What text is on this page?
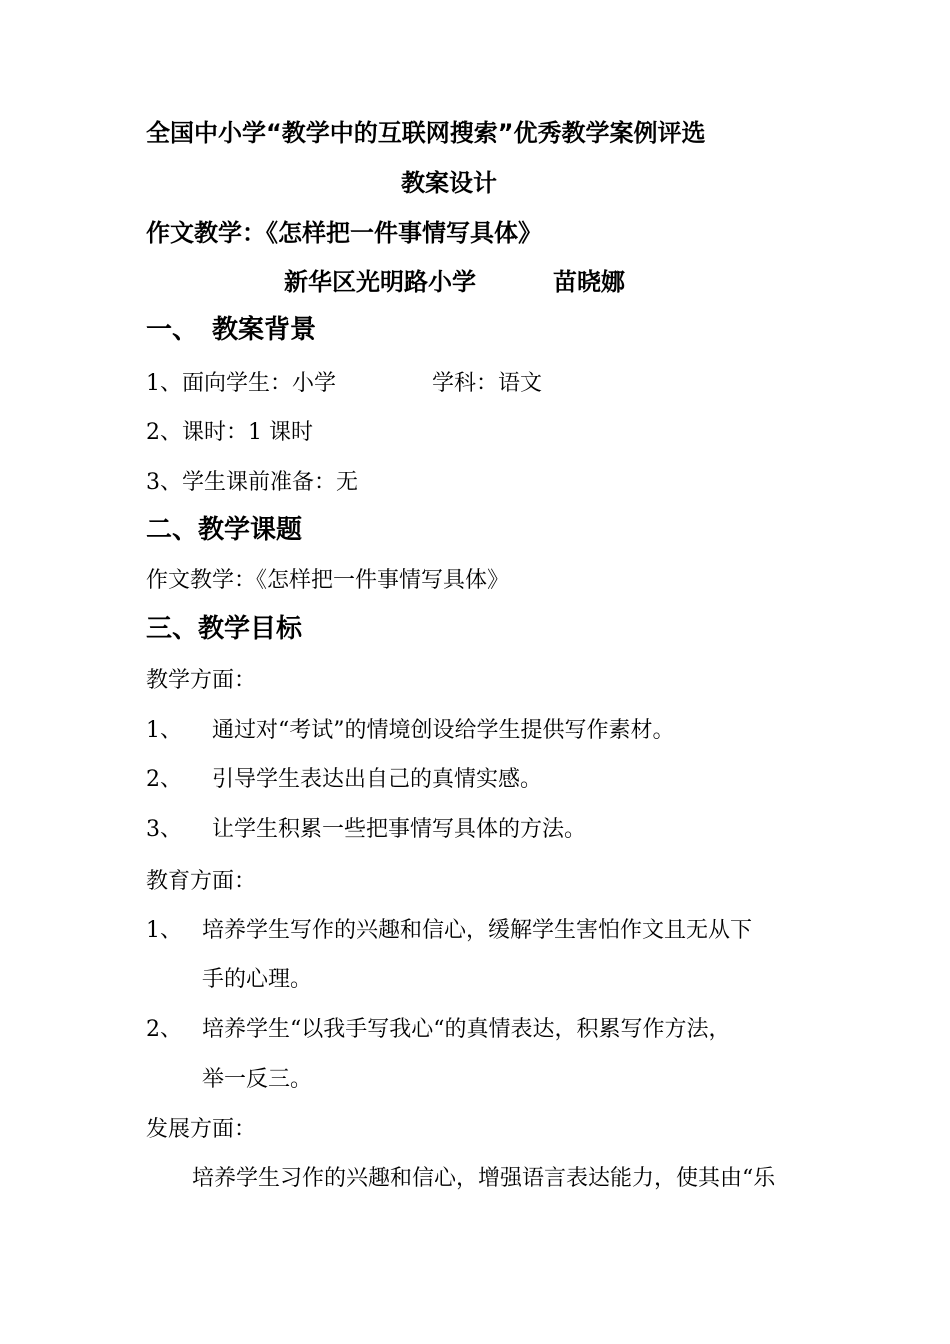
全国中小学“教学中的互联网搜索”优秀教学案例评选
教案设计
作文教学：《怎样把一件事情写具体》
新华区光明路小学	苗晓娜
一、 教案背景
1、面向学生：小学	学科：语文
2、课时：1 课时
3、学生课前准备：无
二、教学课题
作文教学：《怎样把一件事情写具体》
三、教学目标
教学方面：
1、 通过对“考试”的情境创设给学生提供写作素材。
2、 引导学生表达出自己的真情实感。
3、 让学生积累一些把事情写具体的方法。
教育方面：
1、 培养学生写作的兴趣和信心，缓解学生害怕作文且无从下
手的心理。
2、 培养学生“以我手写我心“的真情表达，积累写作方法，
举一反三。
发展方面：
培养学生习作的兴趣和信心，增强语言表达能力，使其由“乐
